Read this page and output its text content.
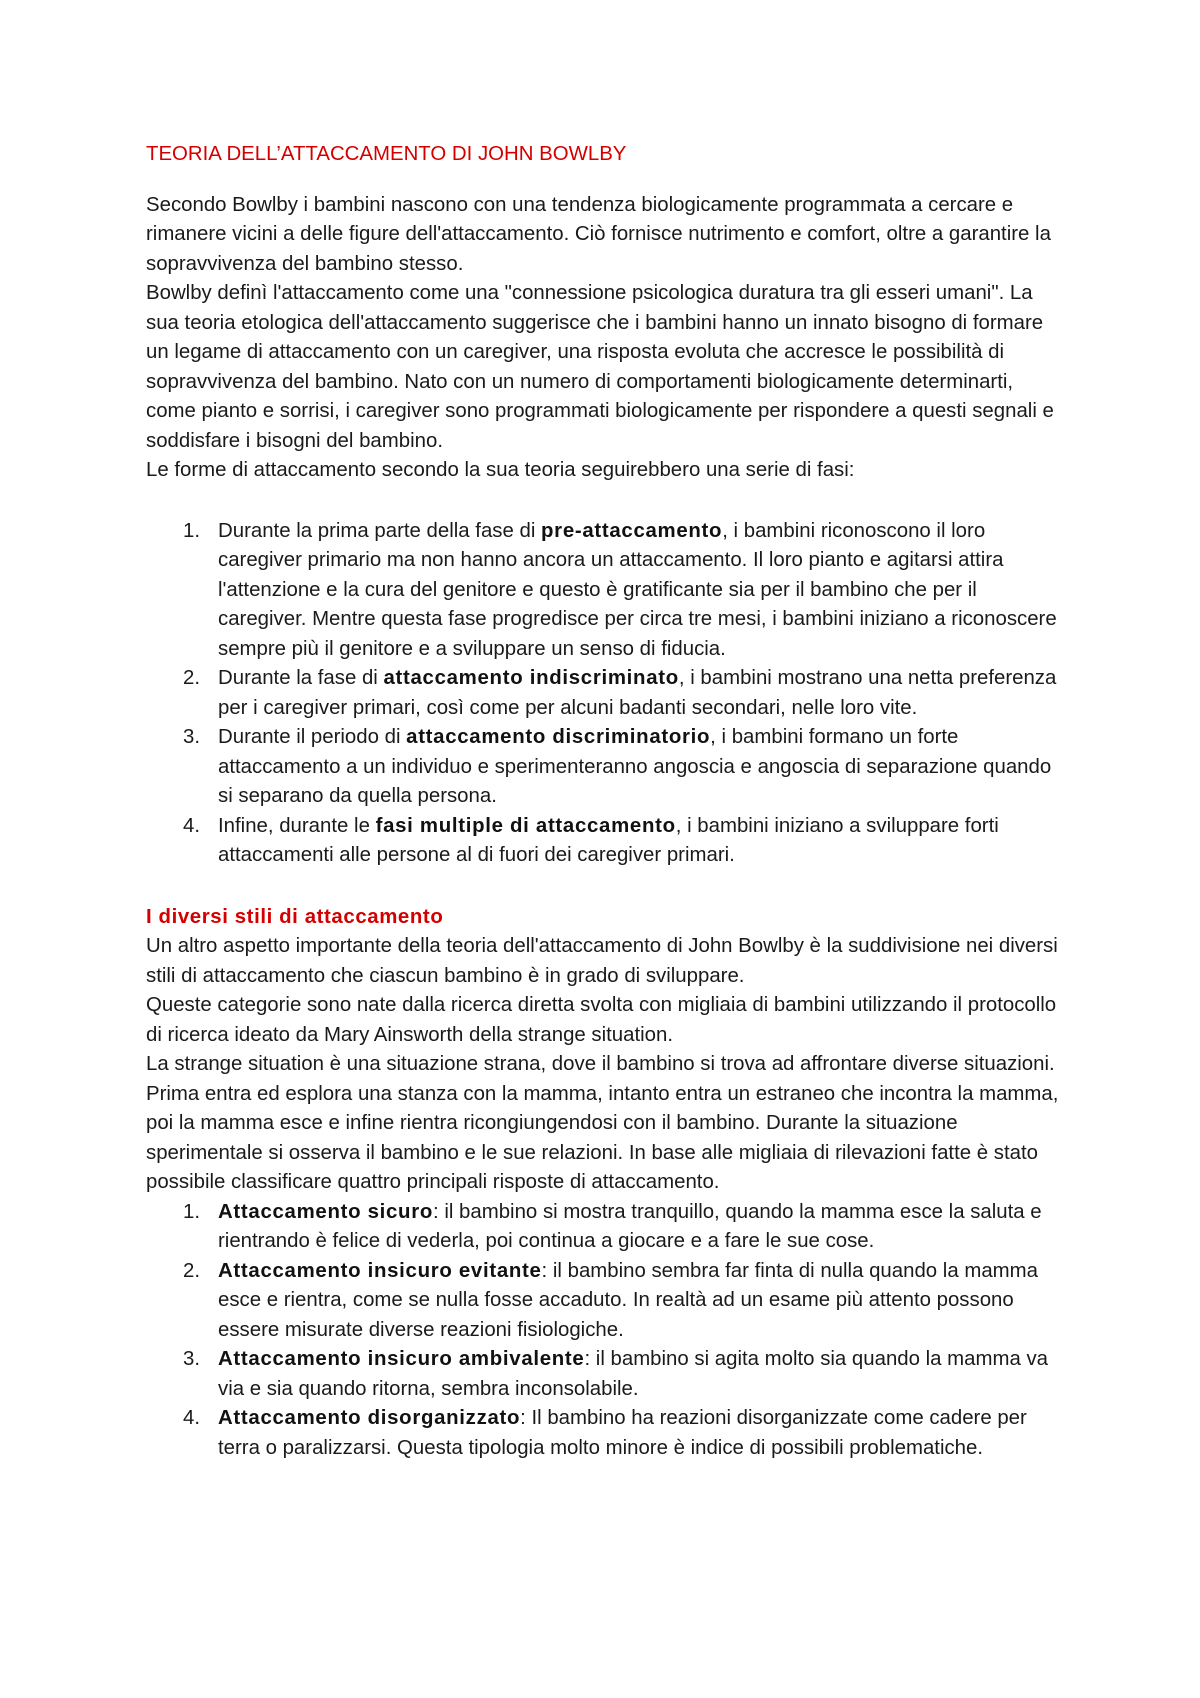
TEORIA DELL’ATTACCAMENTO DI JOHN BOWLBY

Secondo Bowlby i bambini nascono con una tendenza biologicamente programmata a cercare e rimanere vicini a delle figure dell'attaccamento. Ciò fornisce nutrimento e comfort, oltre a garantire la sopravvivenza del bambino stesso.

Bowlby definì l'attaccamento come una "connessione psicologica duratura tra gli esseri umani". La sua teoria etologica dell'attaccamento suggerisce che i bambini hanno un innato bisogno di formare un legame di attaccamento con un caregiver, una risposta evoluta che accresce le possibilità di sopravvivenza del bambino. Nato con un numero di comportamenti biologicamente determinarti, come pianto e sorrisi, i caregiver sono programmati biologicamente per rispondere a questi segnali e soddisfare i bisogni del bambino.

Le forme di attaccamento secondo la sua teoria seguirebbero una serie di fasi:

1. Durante la prima parte della fase di pre-attaccamento, i bambini riconoscono il loro caregiver primario ma non hanno ancora un attaccamento. Il loro pianto e agitarsi attira l'attenzione e la cura del genitore e questo è gratificante sia per il bambino che per il caregiver. Mentre questa fase progredisce per circa tre mesi, i bambini iniziano a riconoscere sempre più il genitore e a sviluppare un senso di fiducia.
2. Durante la fase di attaccamento indiscriminato, i bambini mostrano una netta preferenza per i caregiver primari, così come per alcuni badanti secondari, nelle loro vite.
3. Durante il periodo di attaccamento discriminatorio, i bambini formano un forte attaccamento a un individuo e sperimenteranno angoscia e angoscia di separazione quando si separano da quella persona.
4. Infine, durante le fasi multiple di attaccamento, i bambini iniziano a sviluppare forti attaccamenti alle persone al di fuori dei caregiver primari.

I diversi stili di attaccamento

Un altro aspetto importante della teoria dell'attaccamento di John Bowlby è la suddivisione nei diversi stili di attaccamento che ciascun bambino è in grado di sviluppare.

Queste categorie sono nate dalla ricerca diretta svolta con migliaia di bambini utilizzando il protocollo di ricerca ideato da Mary Ainsworth della strange situation.

La strange situation è una situazione strana, dove il bambino si trova ad affrontare diverse situazioni. Prima entra ed esplora una stanza con la mamma, intanto entra un estraneo che incontra la mamma, poi la mamma esce e infine rientra ricongiungendosi con il bambino. Durante la situazione sperimentale si osserva il bambino e le sue relazioni. In base alle migliaia di rilevazioni fatte è stato possibile classificare quattro principali risposte di attaccamento.

1. Attaccamento sicuro: il bambino si mostra tranquillo, quando la mamma esce la saluta e rientrando è felice di vederla, poi continua a giocare e a fare le sue cose.
2. Attaccamento insicuro evitante: il bambino sembra far finta di nulla quando la mamma esce e rientra, come se nulla fosse accaduto. In realtà ad un esame più attento possono essere misurate diverse reazioni fisiologiche.
3. Attaccamento insicuro ambivalente: il bambino si agita molto sia quando la mamma va via e sia quando ritorna, sembra inconsolabile.
4. Attaccamento disorganizzato: Il bambino ha reazioni disorganizzate come cadere per terra o paralizzarsi. Questa tipologia molto minore è indice di possibili problematiche.
